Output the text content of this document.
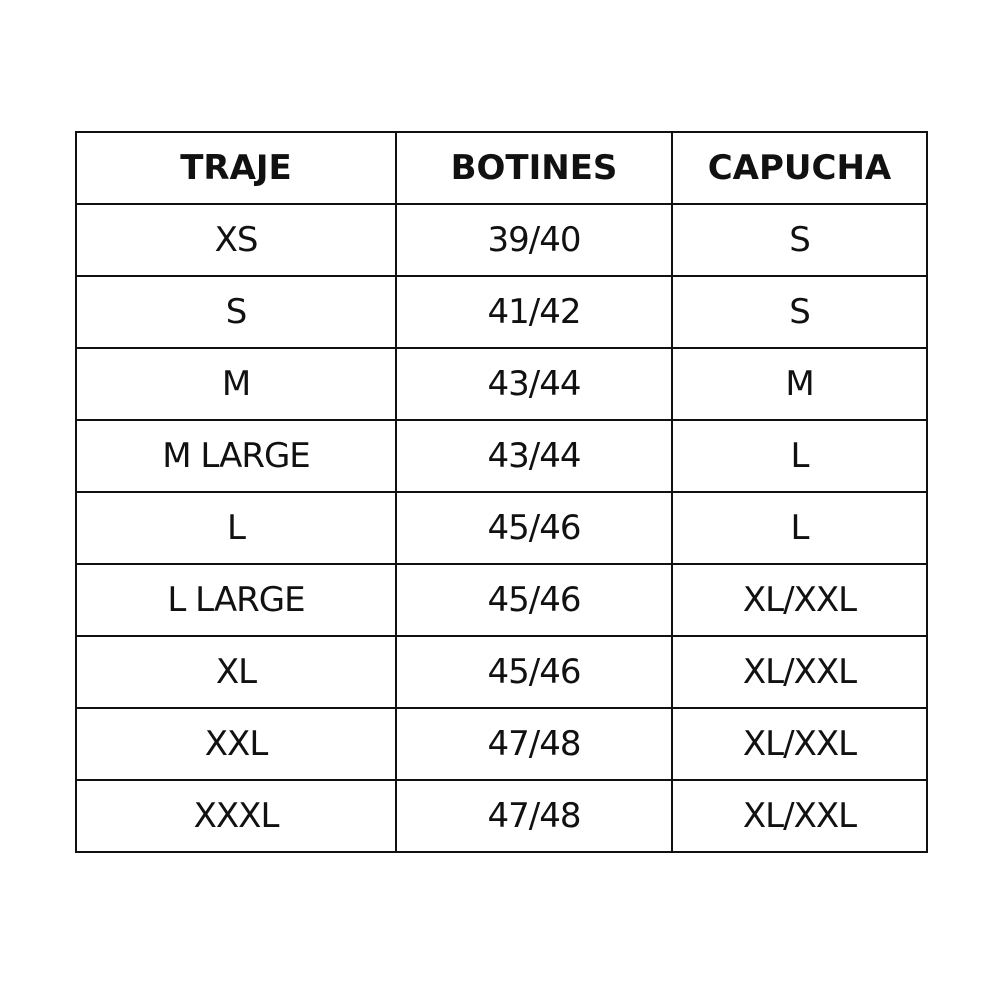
TRAJE	BOTINES	CAPUCHA
XS	39/40	S
S	41/42	S
M	43/44	M
M LARGE	43/44	L
L	45/46	L
L LARGE	45/46	XL/XXL
XL	45/46	XL/XXL
XXL	47/48	XL/XXL
XXXL	47/48	XL/XXL
